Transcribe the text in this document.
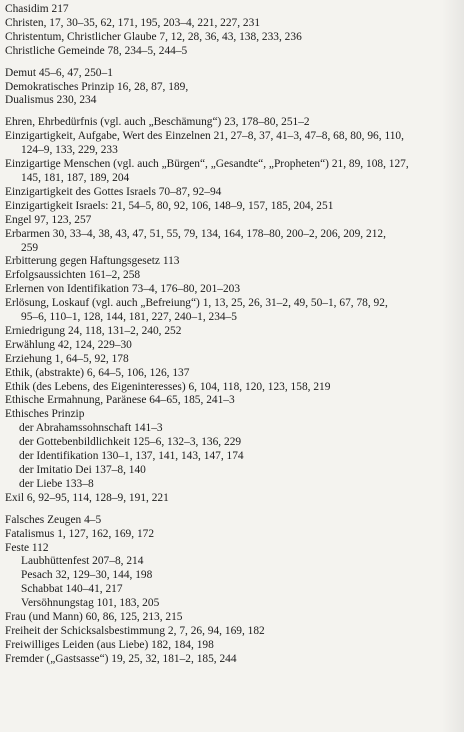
Chasidim 217
Christen, 17, 30–35, 62, 171, 195, 203–4, 221, 227, 231
Christentum, Christlicher Glaube 7, 12, 28, 36, 43, 138, 233, 236
Christliche Gemeinde 78, 234–5, 244–5
Demut 45–6, 47, 250–1
Demokratisches Prinzip 16, 28, 87, 189,
Dualismus 230, 234
Ehren, Ehrbedürfnis (vgl. auch „Beschämung“) 23, 178–80, 251–2
Einzigartigkeit, Aufgabe, Wert des Einzelnen 21, 27–8, 37, 41–3, 47–8, 68, 80, 96, 110,
124–9, 133, 229, 233
Einzigartige Menschen (vgl. auch „Bürgen“, „Gesandte“, „Propheten“) 21, 89, 108, 127,
145, 181, 187, 189, 204
Einzigartigkeit des Gottes Israels 70–87, 92–94
Einzigartigkeit Israels: 21, 54–5, 80, 92, 106, 148–9, 157, 185, 204, 251
Engel 97, 123, 257
Erbarmen 30, 33–4, 38, 43, 47, 51, 55, 79, 134, 164, 178–80, 200–2, 206, 209, 212,
259
Erbitterung gegen Haftungsgesetz 113
Erfolgsaussichten 161–2, 258
Erlernen von Identifikation 73–4, 176–80, 201–203
Erlösung, Loskauf (vgl. auch „Befreiung“) 1, 13, 25, 26, 31–2, 49, 50–1, 67, 78, 92,
95–6, 110–1, 128, 144, 181, 227, 240–1, 234–5
Erniedrigung 24, 118, 131–2, 240, 252
Erwählung 42, 124, 229–30
Erziehung 1, 64–5, 92, 178
Ethik, (abstrakte) 6, 64–5, 106, 126, 137
Ethik (des Lebens, des Eigeninteresses) 6, 104, 118, 120, 123, 158, 219
Ethische Ermahnung, Paränese 64–65, 185, 241–3
Ethisches Prinzip
der Abrahamssohnschaft 141–3
der Gottebenbildlichkeit 125–6, 132–3, 136, 229
der Identifikation 130–1, 137, 141, 143, 147, 174
der Imitatio Dei 137–8, 140
der Liebe 133–8
Exil 6, 92–95, 114, 128–9, 191, 221
Falsches Zeugen 4–5
Fatalismus 1, 127, 162, 169, 172
Feste 112
Laubhüttenfest 207–8, 214
Pesach 32, 129–30, 144, 198
Schabbat 140–41, 217
Versöhnungstag 101, 183, 205
Frau (und Mann) 60, 86, 125, 213, 215
Freiheit der Schicksalsbestimmung 2, 7, 26, 94, 169, 182
Freiwilliges Leiden (aus Liebe) 182, 184, 198
Fremder („Gastsasse“) 19, 25, 32, 181–2, 185, 244
